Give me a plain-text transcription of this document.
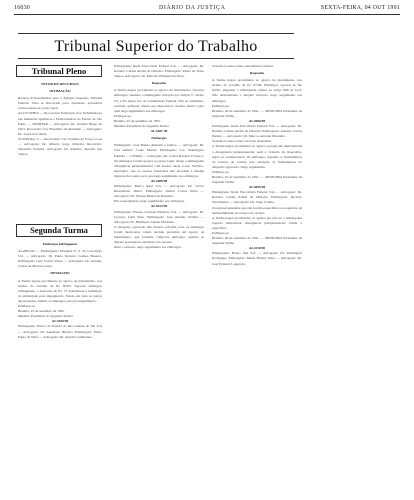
16030	DIÁRIO DA JUSTIÇA	SEXTA-FEIRA, 04 OUT 1991
Tribunal Superior do Trabalho
Tribunal Pleno
SETOR DE RECURSOS
INTIMAÇÃO
Recurso Extraordinário para o Egrégio Supremo Tribunal Federal. Vista ao Recorrido para, querendo, apresentar contra-razões no prazo legal.
AI-10718/88.0 — Recorrente: Federação dos Trabalhadores nas Indústrias Químicas e Farmacêuticas do Estado de São Paulo — SINDIFAR — Advogado: Dr. Geraldo Bispo da Silva. Recorrida: Cia. Brasileira de Alumínio — Advogado: Dr. José Lúcio Maia.
AI-6/90-Rec-5 — Recorrente: Cia. Paulista de Força e Luz — Advogado: Dr. Alberto Jorge Oliveira. Recorrido: Sebastião Ferreira. Advogado: Dr. Américo Antonio dos Santos.
Segunda Turma
Embargos Infringentes
AI-2002-90 — Embargante: Hospital N. S. da Conceição S/A — Advogado: Dr. Paulo Roberto Gomes Beserra. Embargado: Luiz Carlos Vieira — Advogado: Dr. Antonio Carlos de Moraes Costa.
DESPACHO
A Turma negou provimento ao agravo de instrumento, nos termos do acórdão de fls. 60/65. Opostos embargos infringentes, o despacho de fls. 75 determinou a intimação do embargado para impugnação. Tendo em vista as razões apresentadas, admito os embargos para prosseguimento.
Publique-se.
Brasília, 25 de setembro de 1991.
Ministro Presidente da Segunda Turma
AI-3390/90
Embargante: Banco do Estado do Rio Grande do Sul S/A — Advogado: Dr. Aureliano Ribeiro. Embargado: Pedro Paulo da Silva — Advogado: Dr. Aurélio Guimarães.
Embargante: Rede Ferroviária Federal S/A. — Advogado: Dr. Roberto Caldas Alvim de Oliveira. Embargado: Paulo de Tarso Santos. Advogado: Dr. Marcelo Pimentel da Silva.
Despacho
A Turma negou provimento ao agravo de instrumento. Opostos embargos, sustenta o embargante violação aos artigos 5º, inciso LV, e 93, inciso IX, da Constituição Federal. Não se vislumbra, contudo, qualquer ofensa aos dispositivos citados, motivo pelo qual nego seguimento aos embargos.
Publique-se.
Brasília, 25 de setembro de 1991.
Ministro Presidente da Segunda Turma
AI-3487-90
Embargos
Embargante: José Bueno Almeida e Outros — Advogado: Dr. José Alberto Couto Maciel. Embargado: Cia. Siderúrgica Paulista — COSIPA — Advogado: Dr. Carlos Roberto Fonseca.
Os embargos foram opostos no prazo legal. Alega o embargante divergência jurisprudencial com arestos desta Corte. Verifico, entretanto, que os arestos transcritos não abordam a mesma hipótese dos autos, pelo que nego seguimento aos embargos.
AI-3489/90
Embargante: Banco Real S/A — Advogado: Dr. Victor Russomano Júnior. Embargado: Osmar Correa Pinto — Advogado: Dr. Ulisses Riedel de Resende.
Em consequência, nego seguimento aos embargos.
AI-3522/90
Embargante: Furnas Centrais Elétricas S/A — Advogado: Dr. Lycurgo Leite Neto. Embargado: José Antonio Pereira — Advogado: Dr. Humberto Jansen Machado.
O despacho agravado não merece reforma, pois os embargos foram interpostos contra decisão proferida em agravo de instrumento, que somente comporta embargos quando se discute pressuposto extrínseco do recurso.
Ante o exposto, nego seguimento aos embargos.
Versam os autos sobre equivalência salarial.
Despacho
A Turma negou provimento ao agravo de instrumento, nos termos do acórdão de fls. 87/90. Embargos opostos às fls. 92/95, alegando o embargante ofensa ao artigo 896 da CLT. Não demonstrada a alegada violação, nego seguimento aos embargos.
Publique-se.
Brasília, 26 de setembro de 1991. — MINISTRO Presidente da Segunda Turma
AI-4086/90
Embargante: Rede Ferroviária Federal S/A — Advogado: Dr. Roberto Caldas Alvim de Oliveira. Embargado: Antonio Carlos Pereira — Advogado: Dr. Marcos Antonio Monteiro.
Versam os autos sobre correção monetária.
A Turma negou provimento ao agravo, porque não demonstrada a divergência jurisprudencial, nem a violação de dispositivo legal ou constitucional. Os embargos repetem os fundamentos do recurso de revista, não atacando os fundamentos do despacho agravado. Nego seguimento.
Publique-se.
Brasília, 25 de setembro de 1991. — MINISTRO Presidente da Segunda Turma
AI-4095/90
Embargante: Rede Ferroviária Federal S/A — Advogado: Dr. Roberto Caldas Alvim de Oliveira. Embargado: Ricardo Nascimento — Advogado: Dr. Jorge Cataria.
O regional entendeu que não foram preenchidos os requisitos de admissibilidade do recurso de revista.
A Turma negou provimento ao agravo por não ter o embargante logrado demonstrar divergência jurisprudencial válida e específica.
Publique-se.
Brasília, 26 de setembro de 1991. — MINISTRO Presidente da Segunda Turma
AI-4110/90
Embargante: Banco Itaú S/A — Advogado: Dr. Wellington Rodrigues. Embargado: Maria Helena Silva — Advogado: Dr. José Eymard Loguércio.
